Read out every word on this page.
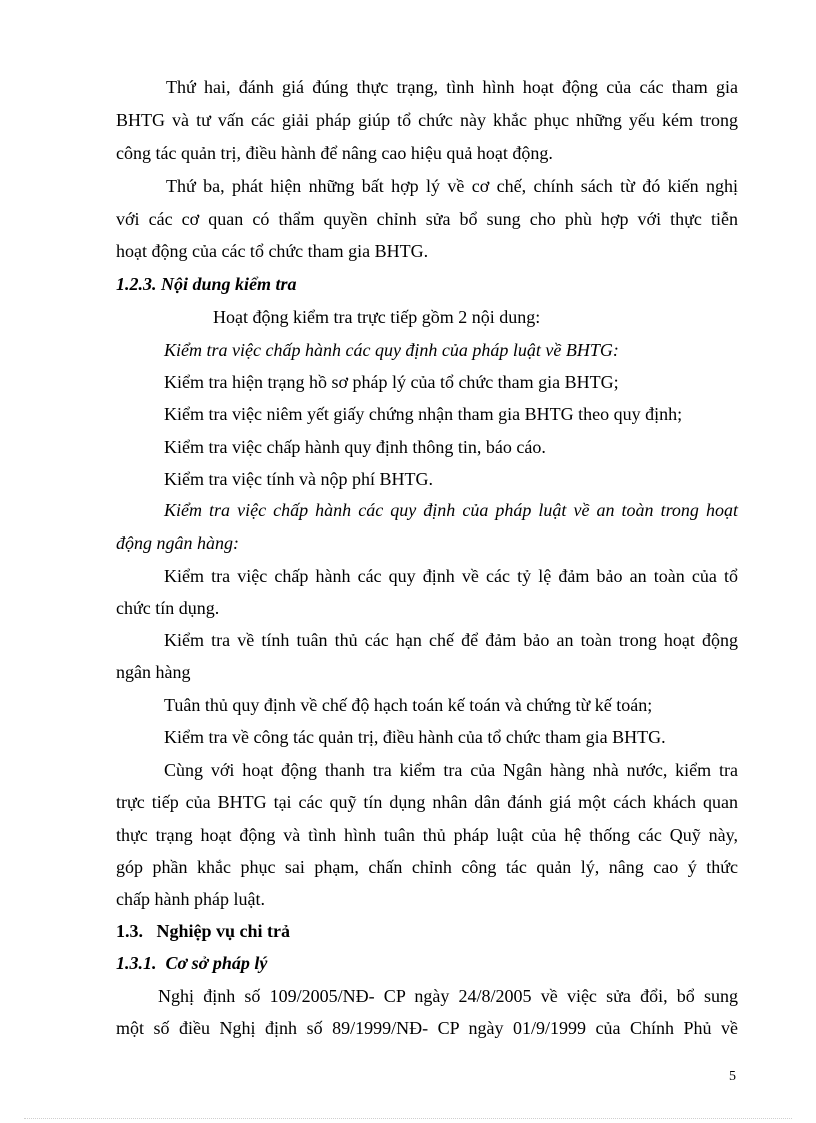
Thứ hai, đánh giá đúng thực trạng, tình hình hoạt động của các tham gia
BHTG và tư vấn các giải pháp giúp tổ chức này khắc phục những yếu kém trong
công tác quản trị, điều hành để nâng cao hiệu quả hoạt động.
Thứ ba, phát hiện những bất hợp lý về cơ chế, chính sách từ đó kiến nghị
với các cơ quan có thẩm quyền chỉnh sửa bổ sung cho phù hợp với thực tiễn
hoạt động của các tổ chức tham gia BHTG.
1.2.3. Nội dung kiểm tra
Hoạt động kiểm tra trực tiếp gồm 2 nội dung:
Kiểm tra việc chấp hành các quy định của pháp luật về BHTG:
Kiểm tra hiện trạng hồ sơ pháp lý của tổ chức tham gia BHTG;
Kiểm tra việc niêm yết giấy chứng nhận tham gia BHTG theo quy định;
Kiểm tra việc chấp hành quy định thông tin, báo cáo.
Kiểm tra việc tính và nộp phí BHTG.
Kiểm tra việc chấp hành các quy định của pháp luật về an toàn trong hoạt
động ngân hàng:
Kiểm tra việc chấp hành các quy định về các tỷ lệ đảm bảo an toàn của tổ
chức tín dụng.
Kiểm tra về tính tuân thủ các hạn chế để đảm bảo an toàn trong hoạt động
ngân hàng
Tuân thủ quy định về chế độ hạch toán kế toán và chứng từ kế toán;
Kiểm tra về công tác quản trị, điều hành của tổ chức tham gia BHTG.
Cùng với hoạt động thanh tra kiểm tra của Ngân hàng nhà nước, kiểm tra
trực tiếp của BHTG tại các quỹ tín dụng nhân dân đánh giá một cách khách quan
thực trạng hoạt động và tình hình tuân thủ pháp luật của hệ thống các Quỹ này,
góp phần khắc phục sai phạm, chấn chỉnh công tác quản lý, nâng cao ý thức
chấp hành pháp luật.
1.3.   Nghiệp vụ chi trả
1.3.1.  Cơ sở pháp lý
Nghị định số 109/2005/NĐ- CP ngày 24/8/2005 về việc sửa đổi, bổ sung
một số điều Nghị định số 89/1999/NĐ- CP ngày 01/9/1999 của Chính Phủ về
5
